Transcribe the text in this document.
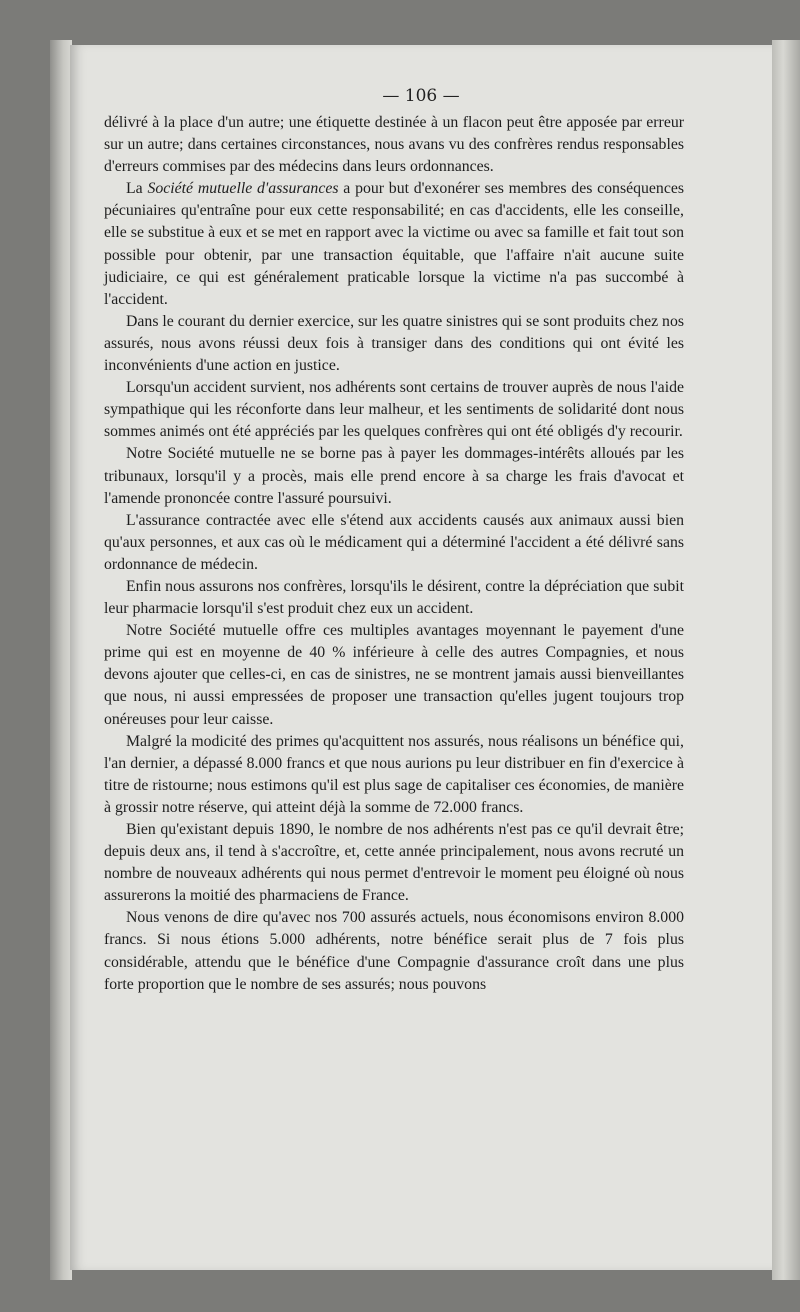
— 106 —

délivré à la place d'un autre; une étiquette destinée à un flacon peut être apposée par erreur sur un autre; dans certaines circonstances, nous avans vu des confrères rendus responsables d'erreurs commises par des médecins dans leurs ordonnances.

La Société mutuelle d'assurances a pour but d'exonérer ses membres des conséquences pécuniaires qu'entraîne pour eux cette responsabilité; en cas d'accidents, elle les conseille, elle se substitue à eux et se met en rapport avec la victime ou avec sa famille et fait tout son possible pour obtenir, par une transaction équitable, que l'affaire n'ait aucune suite judiciaire, ce qui est généralement praticable lorsque la victime n'a pas succombé à l'accident.

Dans le courant du dernier exercice, sur les quatre sinistres qui se sont produits chez nos assurés, nous avons réussi deux fois à transiger dans des conditions qui ont évité les inconvénients d'une action en justice.

Lorsqu'un accident survient, nos adhérents sont certains de trouver auprès de nous l'aide sympathique qui les réconforte dans leur malheur, et les sentiments de solidarité dont nous sommes animés ont été appréciés par les quelques confrères qui ont été obligés d'y recourir.

Notre Société mutuelle ne se borne pas à payer les dommages-intérêts alloués par les tribunaux, lorsqu'il y a procès, mais elle prend encore à sa charge les frais d'avocat et l'amende prononcée contre l'assuré poursuivi.

L'assurance contractée avec elle s'étend aux accidents causés aux animaux aussi bien qu'aux personnes, et aux cas où le médicament qui a déterminé l'accident a été délivré sans ordonnance de médecin.

Enfin nous assurons nos confrères, lorsqu'ils le désirent, contre la dépréciation que subit leur pharmacie lorsqu'il s'est produit chez eux un accident.

Notre Société mutuelle offre ces multiples avantages moyennant le payement d'une prime qui est en moyenne de 40 % inférieure à celle des autres Compagnies, et nous devons ajouter que celles-ci, en cas de sinistres, ne se montrent jamais aussi bienveillantes que nous, ni aussi empressées de proposer une transaction qu'elles jugent toujours trop onéreuses pour leur caisse.

Malgré la modicité des primes qu'acquittent nos assurés, nous réalisons un bénéfice qui, l'an dernier, a dépassé 8.000 francs et que nous aurions pu leur distribuer en fin d'exercice à titre de ristourne; nous estimons qu'il est plus sage de capitaliser ces économies, de manière à grossir notre réserve, qui atteint déjà la somme de 72.000 francs.

Bien qu'existant depuis 1890, le nombre de nos adhérents n'est pas ce qu'il devrait être; depuis deux ans, il tend à s'accroître, et, cette année principalement, nous avons recruté un nombre de nouveaux adhérents qui nous permet d'entrevoir le moment peu éloigné où nous assurerons la moitié des pharmaciens de France.

Nous venons de dire qu'avec nos 700 assurés actuels, nous économisons environ 8.000 francs. Si nous étions 5.000 adhérents, notre bénéfice serait plus de 7 fois plus considérable, attendu que le bénéfice d'une Compagnie d'assurance croît dans une plus forte proportion que le nombre de ses assurés; nous pouvons
